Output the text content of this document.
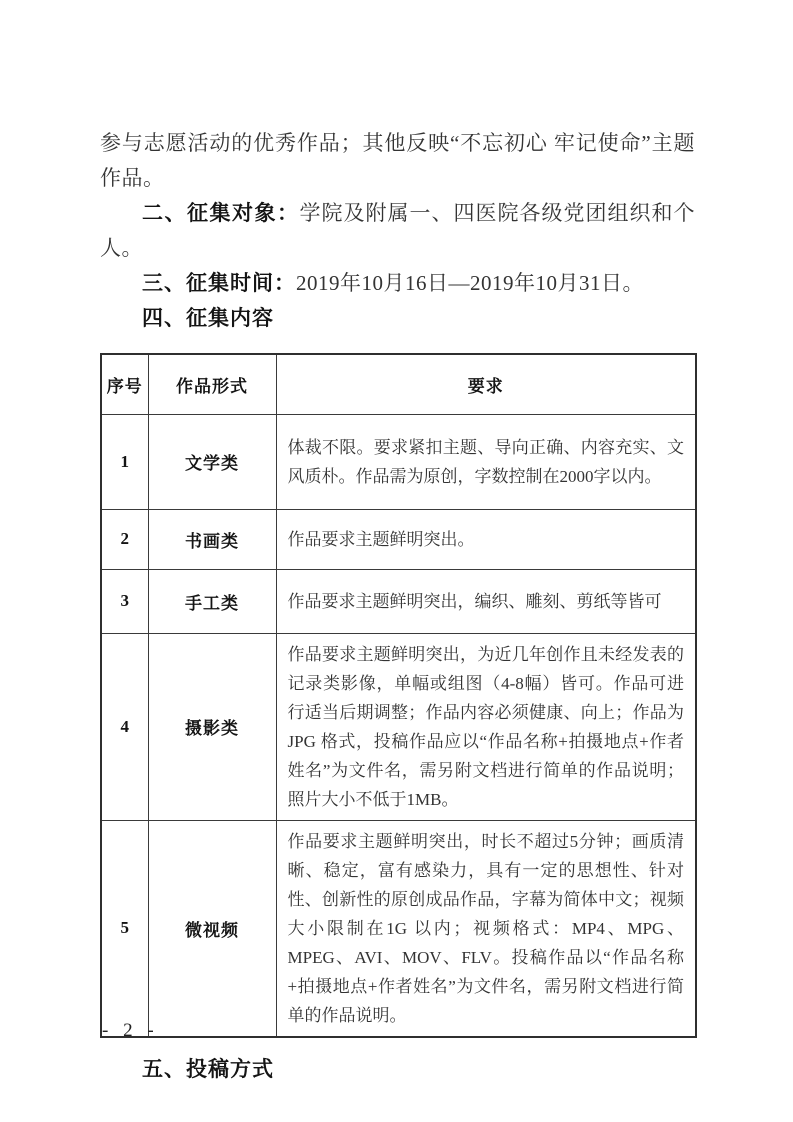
参与志愿活动的优秀作品；其他反映“不忘初心 牢记使命”主题作品。

二、征集对象：学院及附属一、四医院各级党团组织和个人。

三、征集时间：2019年10月16日—2019年10月31日。

四、征集内容

序号	作品形式	要求
1	文学类	体裁不限。要求紧扣主题、导向正确、内容充实、文风质朴。作品需为原创，字数控制在2000字以内。
2	书画类	作品要求主题鲜明突出。
3	手工类	作品要求主题鲜明突出，编织、雕刻、剪纸等皆可
4	摄影类	作品要求主题鲜明突出，为近几年创作且未经发表的记录类影像，单幅或组图（4-8幅）皆可。作品可进行适当后期调整；作品内容必须健康、向上；作品为 JPG 格式，投稿作品应以“作品名称+拍摄地点+作者姓名”为文件名，需另附文档进行简单的作品说明；照片大小不低于1MB。
5	微视频	作品要求主题鲜明突出，时长不超过5分钟；画质清晰、稳定，富有感染力，具有一定的思想性、针对性、创新性的原创成品作品，字幕为简体中文；视频大小限制在1G 以内；视频格式：MP4、MPG、MPEG、AVI、MOV、FLV。投稿作品以“作品名称+拍摄地点+作者姓名”为文件名，需另附文档进行简单的作品说明。

五、投稿方式

- 2 -
